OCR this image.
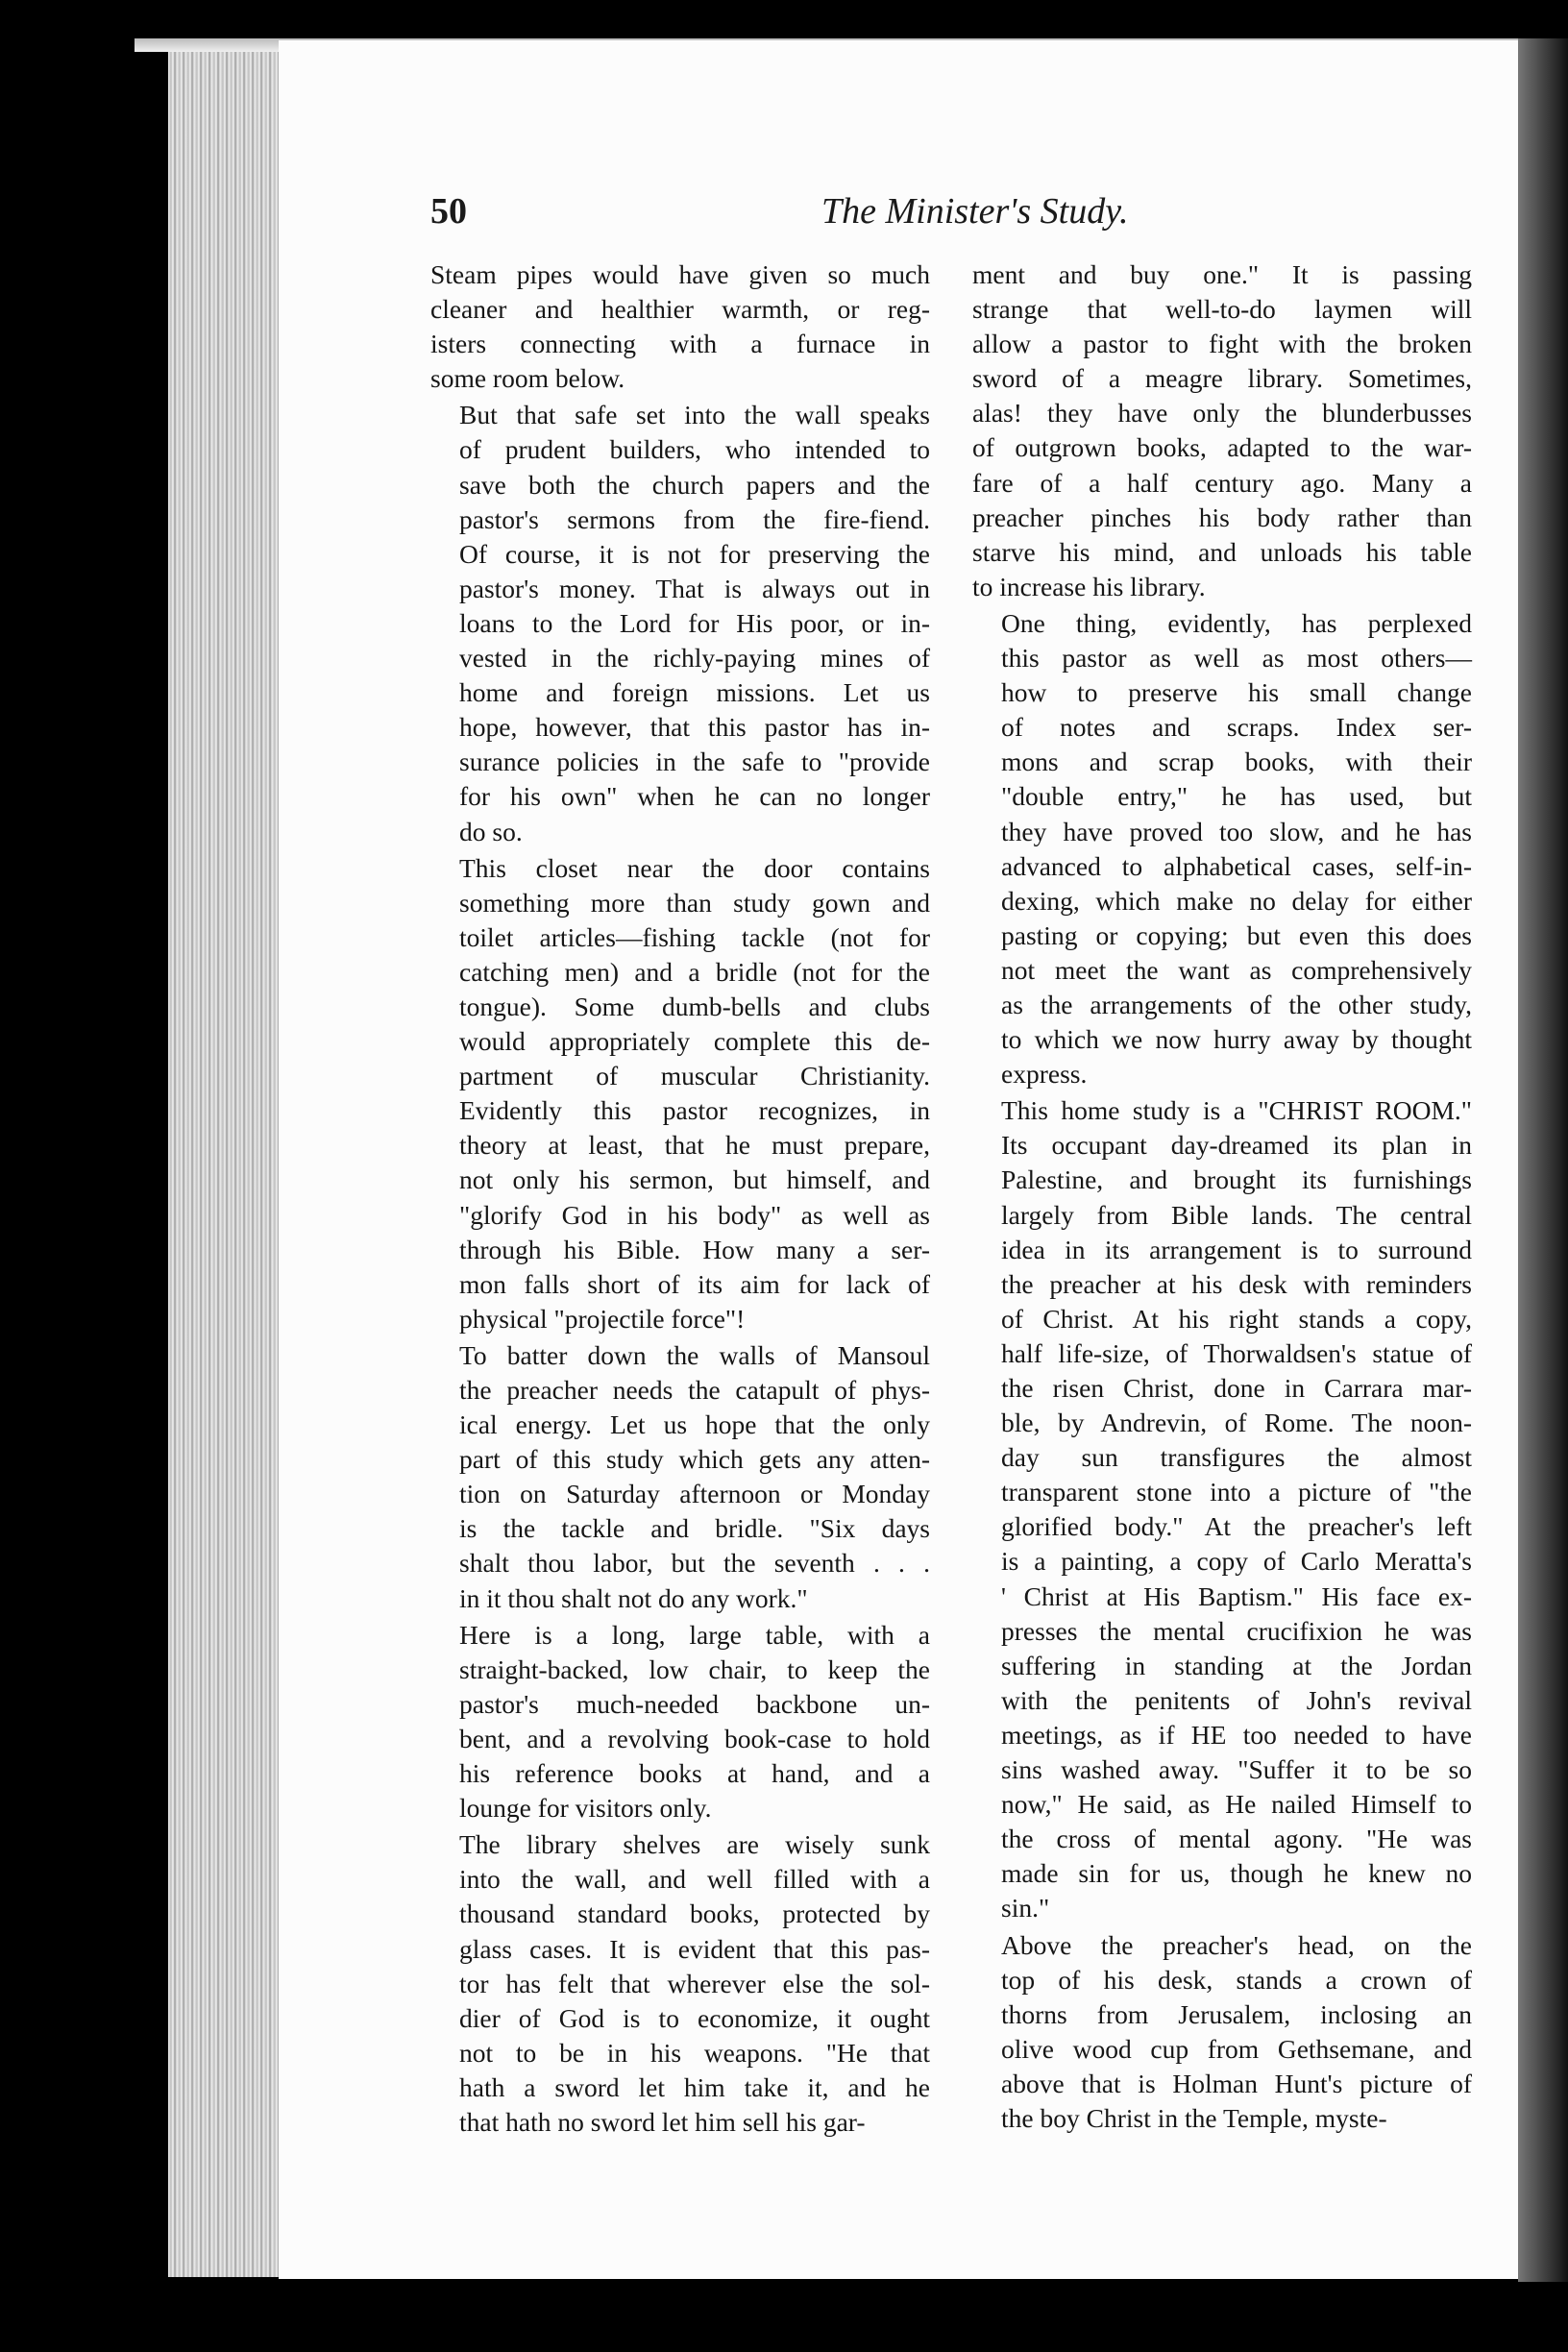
50	The Minister's Study.
Steam pipes would have given so much
cleaner and healthier warmth, or reg-
isters connecting with a furnace in
some room below.
But that safe set into the wall speaks
of prudent builders, who intended to
save both the church papers and the
pastor's sermons from the fire-fiend.
Of course, it is not for preserving the
pastor's money. That is always out in
loans to the Lord for His poor, or in-
vested in the richly-paying mines of
home and foreign missions. Let us
hope, however, that this pastor has in-
surance policies in the safe to "provide
for his own" when he can no longer
do so.
This closet near the door contains
something more than study gown and
toilet articles—fishing tackle (not for
catching men) and a bridle (not for the
tongue). Some dumb-bells and clubs
would appropriately complete this de-
partment of muscular Christianity.
Evidently this pastor recognizes, in
theory at least, that he must prepare,
not only his sermon, but himself, and
"glorify God in his body" as well as
through his Bible. How many a ser-
mon falls short of its aim for lack of
physical "projectile force"!
To batter down the walls of Mansoul
the preacher needs the catapult of phys-
ical energy. Let us hope that the only
part of this study which gets any atten-
tion on Saturday afternoon or Monday
is the tackle and bridle. "Six days
shalt thou labor, but the seventh . . .
in it thou shalt not do any work."
Here is a long, large table, with a
straight-backed, low chair, to keep the
pastor's much-needed backbone un-
bent, and a revolving book-case to hold
his reference books at hand, and a
lounge for visitors only.
The library shelves are wisely sunk
into the wall, and well filled with a
thousand standard books, protected by
glass cases. It is evident that this pas-
tor has felt that wherever else the sol-
dier of God is to economize, it ought
not to be in his weapons. "He that
hath a sword let him take it, and he
that hath no sword let him sell his gar-
ment and buy one." It is passing
strange that well-to-do laymen will
allow a pastor to fight with the broken
sword of a meagre library. Sometimes,
alas! they have only the blunderbusses
of outgrown books, adapted to the war-
fare of a half century ago. Many a
preacher pinches his body rather than
starve his mind, and unloads his table
to increase his library.
One thing, evidently, has perplexed
this pastor as well as most others—
how to preserve his small change
of notes and scraps. Index ser-
mons and scrap books, with their
"double entry," he has used, but
they have proved too slow, and he has
advanced to alphabetical cases, self-in-
dexing, which make no delay for either
pasting or copying; but even this does
not meet the want as comprehensively
as the arrangements of the other study,
to which we now hurry away by thought
express.
This home study is a "CHRIST ROOM."
Its occupant day-dreamed its plan in
Palestine, and brought its furnishings
largely from Bible lands. The central
idea in its arrangement is to surround
the preacher at his desk with reminders
of Christ. At his right stands a copy,
half life-size, of Thorwaldsen's statue of
the risen Christ, done in Carrara mar-
ble, by Andrevin, of Rome. The noon-
day sun transfigures the almost
transparent stone into a picture of "the
glorified body." At the preacher's left
is a painting, a copy of Carlo Meratta's
' Christ at His Baptism." His face ex-
presses the mental crucifixion he was
suffering in standing at the Jordan
with the penitents of John's revival
meetings, as if HE too needed to have
sins washed away. "Suffer it to be so
now," He said, as He nailed Himself to
the cross of mental agony. "He was
made sin for us, though he knew no
sin."
Above the preacher's head, on the
top of his desk, stands a crown of
thorns from Jerusalem, inclosing an
olive wood cup from Gethsemane, and
above that is Holman Hunt's picture of
the boy Christ in the Temple, myste-
